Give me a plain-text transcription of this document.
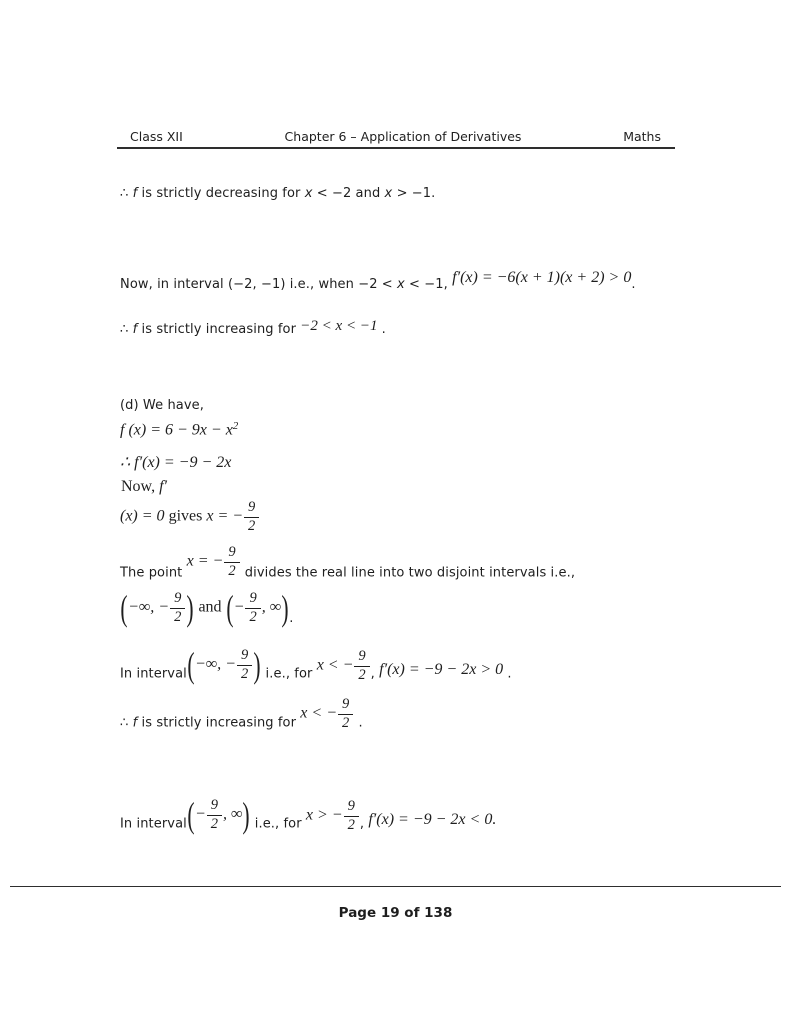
Class XII	Chapter 6 – Application of Derivatives	Maths
∴ f is strictly decreasing for x < −2 and x > −1.
Now, in interval (−2, −1) i.e., when −2 < x < −1, f′(x) = −6(x + 1)(x + 2) > 0.
∴ f is strictly increasing for −2 < x < −1 .
(d) We have,
f $(x) = 6 - 9x - x^2$
∴ f′(x) = −9 − 2x
Now, f′
(x) = 0 gives x = − $\frac{9}{2}$
The point x = − $\frac{9}{2}$ divides the real line into two disjoint intervals i.e.,
(−∞, − $\frac{9}{2}$ ) and (− $\frac{9}{2}$ , ∞).
In interval(−∞, − $\frac{9}{2}$ ) i.e., for x < − $\frac{9}{2}$ , f′(x) = −9 − 2x > 0 .
∴ f is strictly increasing for x < − $\frac{9}{2}$ .
In interval(− $\frac{9}{2}$ , ∞) i.e., for x > − $\frac{9}{2}$ , f′(x) = −9 − 2x < 0.
Page 19 of 138
